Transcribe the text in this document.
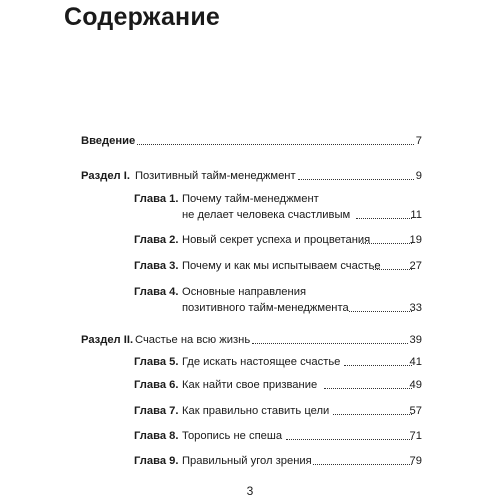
Содержание
Введение	7
Раздел I. Позитивный тайм-менеджмент	9
Глава 1. Почему тайм-менеджмент
не делает человека счастливым	11
Глава 2. Новый секрет успеха и процветания	19
Глава 3. Почему и как мы испытываем счастье	27
Глава 4. Основные направления
позитивного тайм-менеджмента	33
Раздел II. Счастье на всю жизнь	39
Глава 5. Где искать настоящее счастье	41
Глава 6. Как найти свое призвание	49
Глава 7. Как правильно ставить цели	57
Глава 8. Торопись не спеша	71
Глава 9. Правильный угол зрения	79
3
